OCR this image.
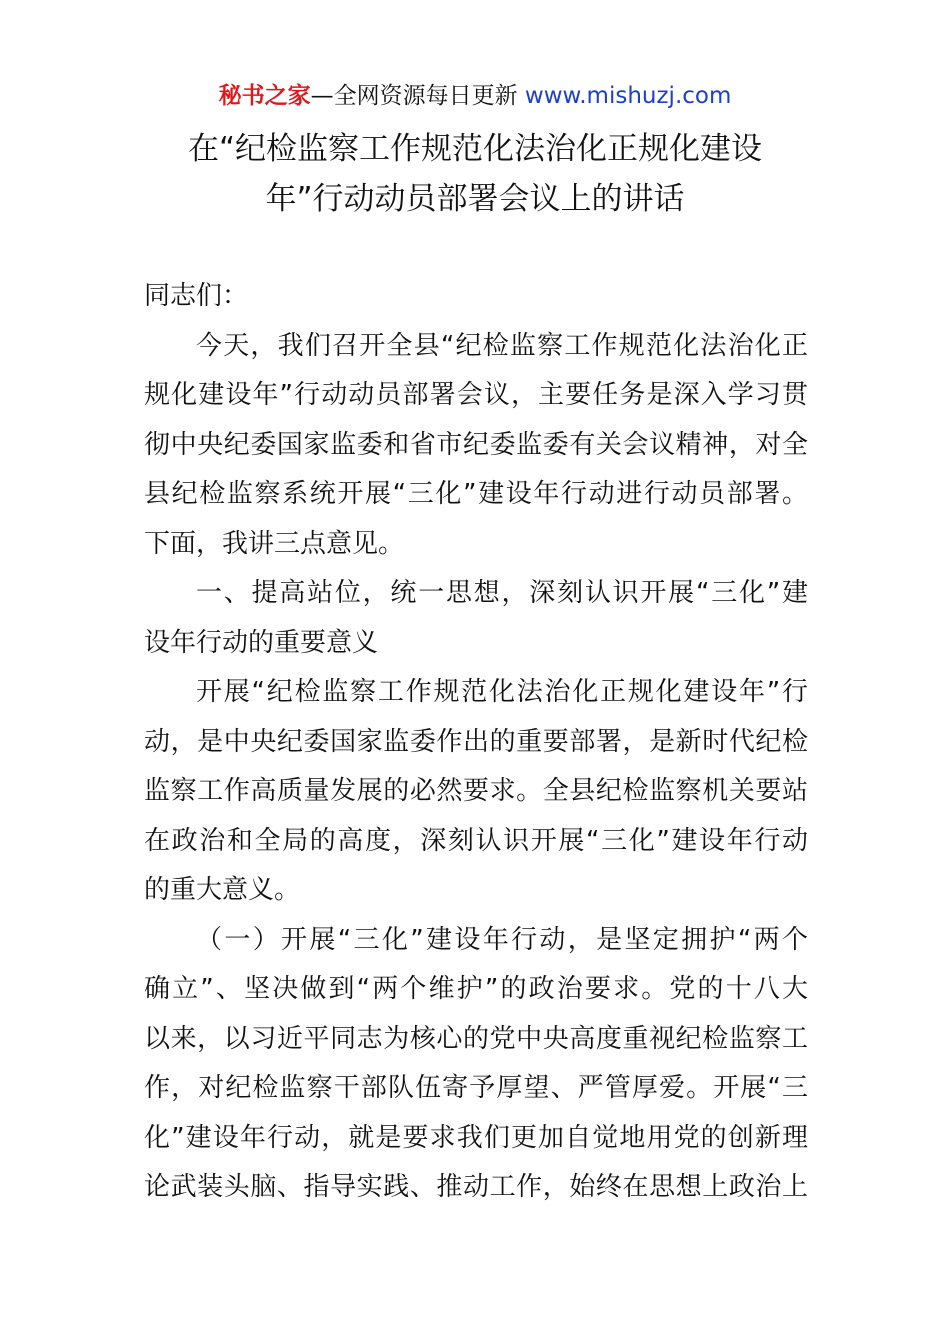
秘书之家—全网资源每日更新 www.mishuzj.com
在“纪检监察工作规范化法治化正规化建设
年”行动动员部署会议上的讲话
同志们：
今天，我们召开全县“纪检监察工作规范化法治化正
规化建设年”行动动员部署会议，主要任务是深入学习贯
彻中央纪委国家监委和省市纪委监委有关会议精神，对全
县纪检监察系统开展“三化”建设年行动进行动员部署。
下面，我讲三点意见。
一、提高站位，统一思想，深刻认识开展“三化”建
设年行动的重要意义
开展“纪检监察工作规范化法治化正规化建设年”行
动，是中央纪委国家监委作出的重要部署，是新时代纪检
监察工作高质量发展的必然要求。全县纪检监察机关要站
在政治和全局的高度，深刻认识开展“三化”建设年行动
的重大意义。
（一）开展“三化”建设年行动，是坚定拥护“两个
确立”、坚决做到“两个维护”的政治要求。党的十八大
以来，以习近平同志为核心的党中央高度重视纪检监察工
作，对纪检监察干部队伍寄予厚望、严管厚爱。开展“三
化”建设年行动，就是要求我们更加自觉地用党的创新理
论武装头脑、指导实践、推动工作，始终在思想上政治上
